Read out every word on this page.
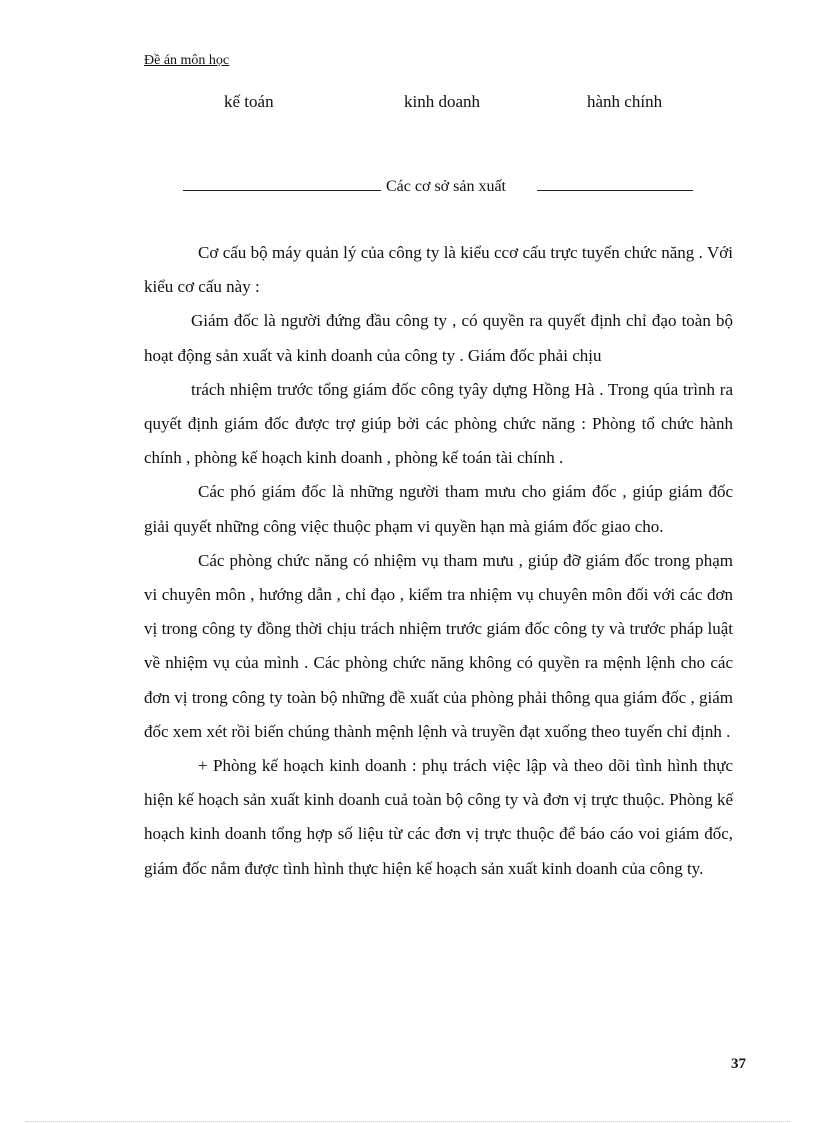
Đề án môn học
kế toán	kinh doanh	hành chính
Các cơ sở sản xuất

Cơ cấu bộ máy quản lý của công ty là kiểu ccơ cấu trực tuyến chức năng . Với kiểu cơ cấu này :

Giám đốc là người đứng đầu công ty , có quyền ra quyết định chỉ đạo toàn bộ hoạt động sản xuất và kinh doanh của công ty . Giám đốc phải chịu

trách nhiệm trước tổng giám đốc công tyây dựng Hồng Hà . Trong qúa trình ra quyết định giám đốc được trợ giúp bởi các phòng chức năng : Phòng tổ chức hành chính , phòng kế hoạch kinh doanh , phòng kế toán tài chính .

Các phó giám đốc là những người tham mưu cho giám đốc , giúp giám đốc giải quyết những công việc thuộc phạm vi quyền hạn mà giám đốc giao cho.

Các phòng chức năng có nhiệm vụ tham mưu , giúp đỡ giám đốc trong phạm vi chuyên môn , hướng dẫn , chỉ đạo , kiểm tra nhiệm vụ chuyên môn đối với các đơn vị trong công ty đồng thời chịu trách nhiệm trước giám đốc công ty và trước pháp luật về nhiệm vụ của mình . Các phòng chức năng không có quyền ra mệnh lệnh cho các đơn vị trong công ty toàn bộ những đề xuất của phòng phải thông qua giám đốc , giám đốc xem xét rồi biến chúng thành mệnh lệnh và truyền đạt xuống theo tuyến chỉ định .

+ Phòng kế hoạch kinh doanh : phụ trách việc lập và theo dõi tình hình thực hiện kế hoạch sản xuất kinh doanh cuả toàn bộ công ty và đơn vị trực thuộc. Phòng kế hoạch kinh doanh tổng hợp số liệu từ các đơn vị trực thuộc để báo cáo voi giám đốc, giám đốc nắm được tình hình thực hiện kế hoạch sản xuất kinh doanh của công ty.

37
